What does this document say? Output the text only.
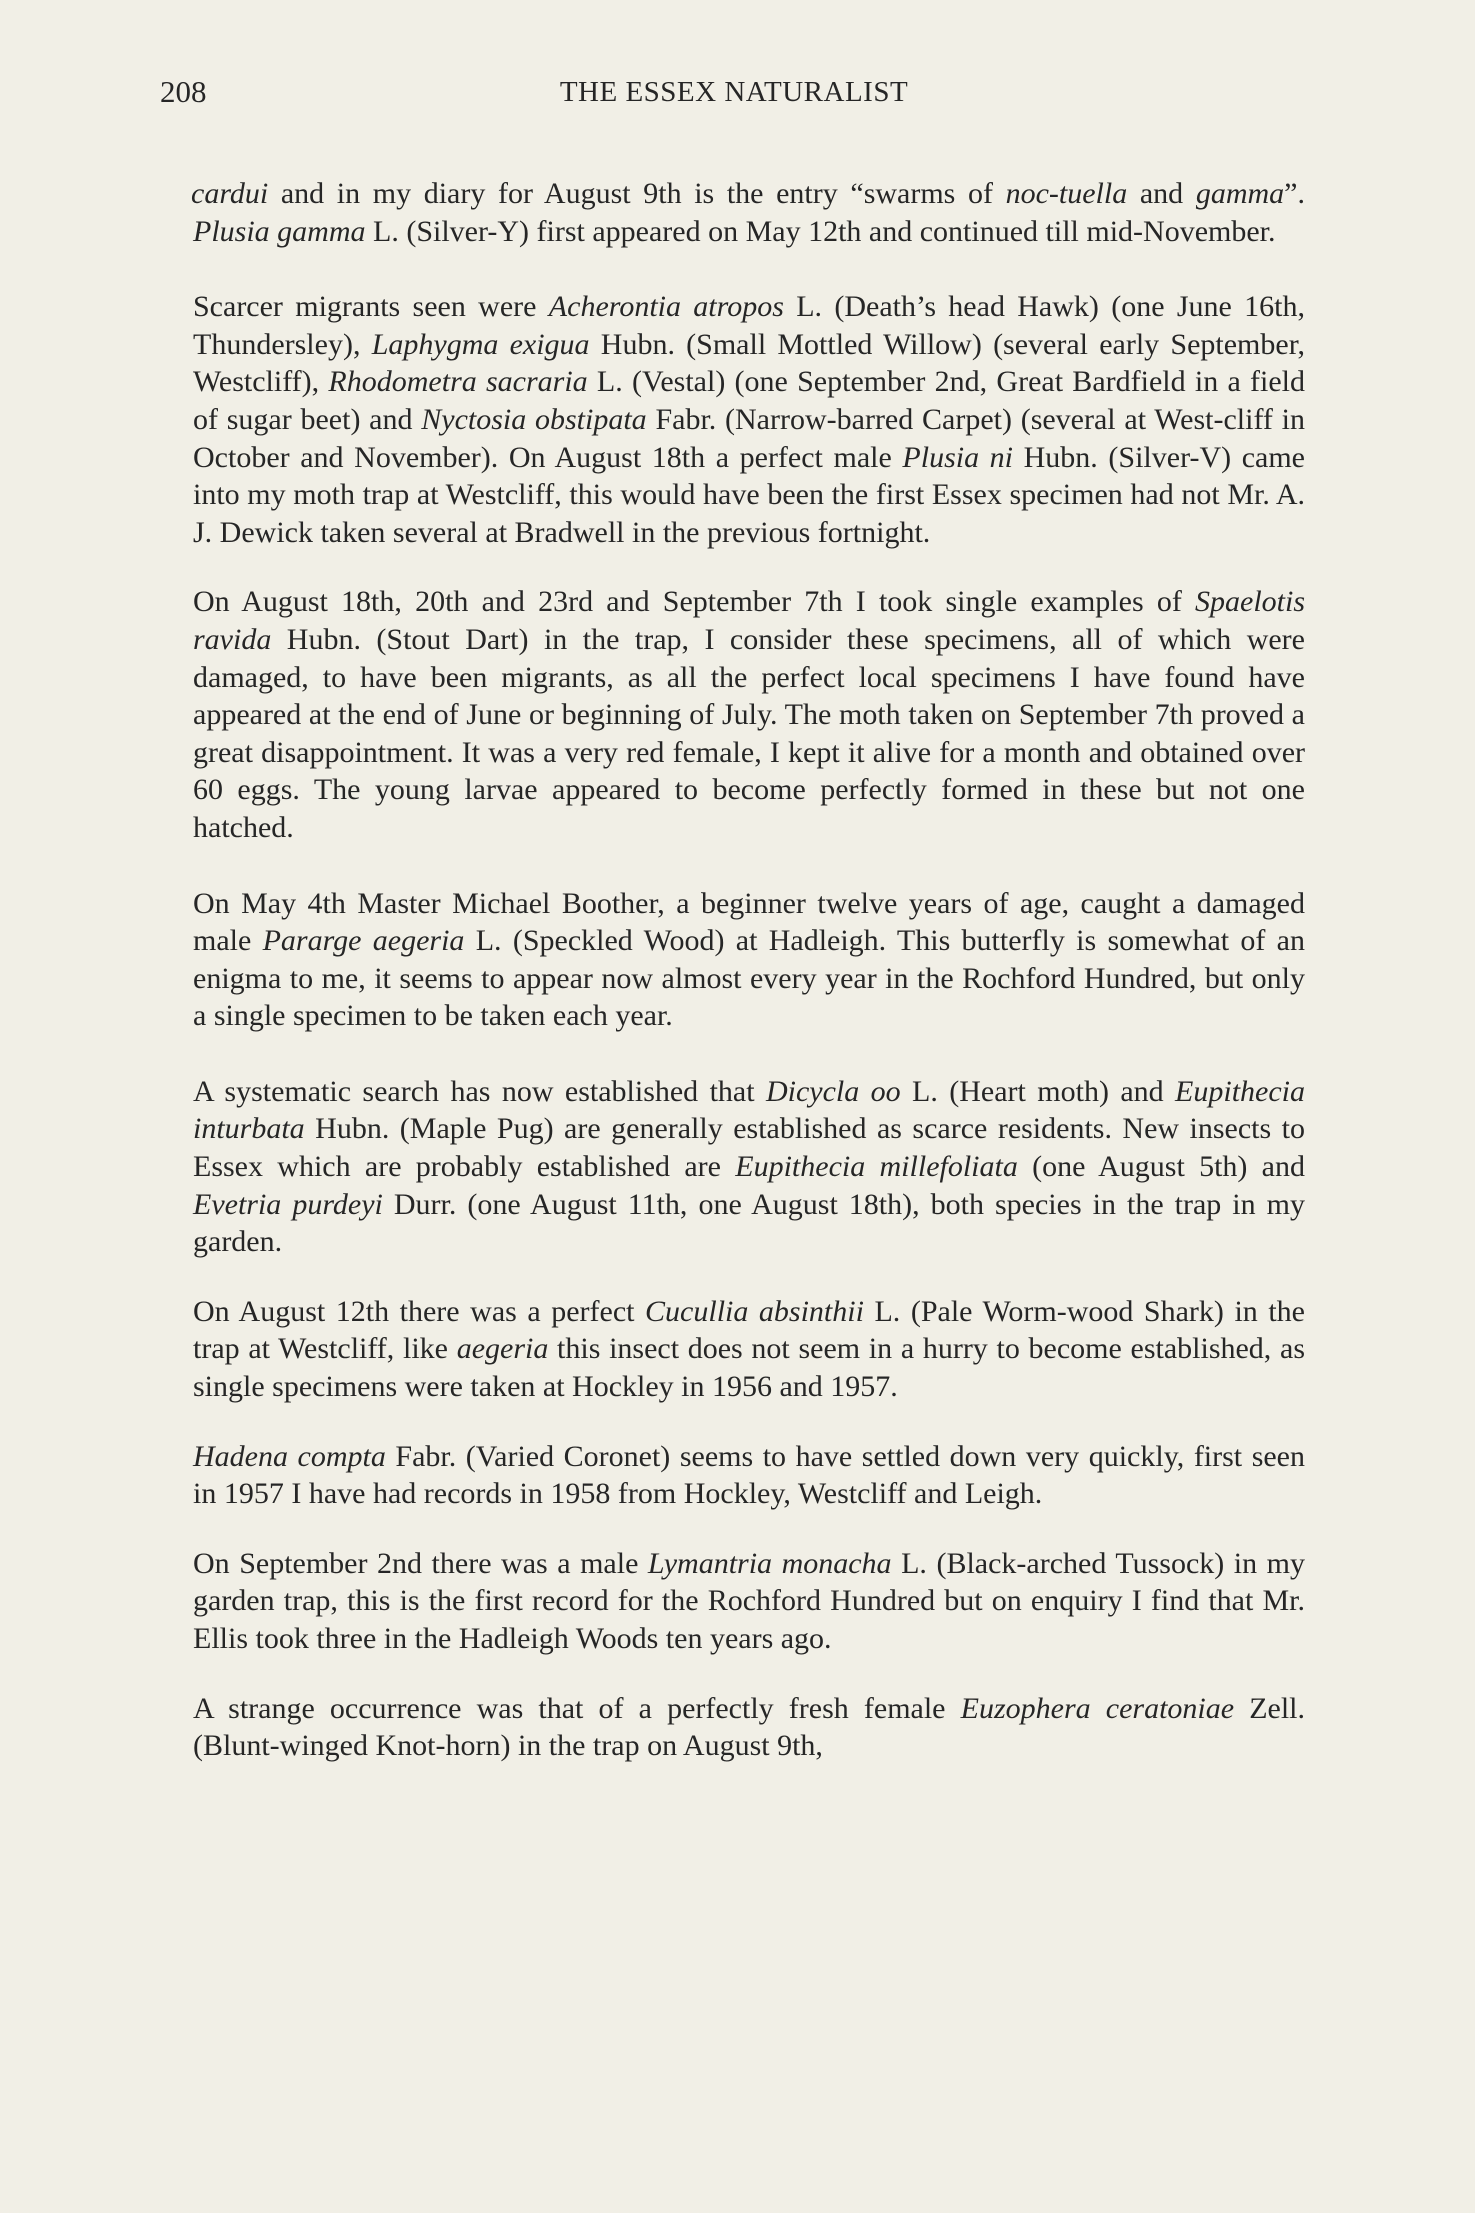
208	THE ESSEX NATURALIST

cardui and in my diary for August 9th is the entry “swarms of noc-tuella and gamma”. Plusia gamma L. (Silver-Y) first appeared on May 12th and continued till mid-November.

Scarcer migrants seen were Acherontia atropos L. (Death’s head Hawk) (one June 16th, Thundersley), Laphygma exigua Hubn. (Small Mottled Willow) (several early September, Westcliff), Rhodometra sacraria L. (Vestal) (one September 2nd, Great Bardfield in a field of sugar beet) and Nyctosia obstipata Fabr. (Narrow-barred Carpet) (several at West-cliff in October and November). On August 18th a perfect male Plusia ni Hubn. (Silver-V) came into my moth trap at Westcliff, this would have been the first Essex specimen had not Mr. A. J. Dewick taken several at Bradwell in the previous fortnight.

On August 18th, 20th and 23rd and September 7th I took single examples of Spaelotis ravida Hubn. (Stout Dart) in the trap, I consider these specimens, all of which were damaged, to have been migrants, as all the perfect local specimens I have found have appeared at the end of June or beginning of July. The moth taken on September 7th proved a great disappointment. It was a very red female, I kept it alive for a month and obtained over 60 eggs. The young larvae appeared to become perfectly formed in these but not one hatched.

On May 4th Master Michael Boother, a beginner twelve years of age, caught a damaged male Pararge aegeria L. (Speckled Wood) at Hadleigh. This butterfly is somewhat of an enigma to me, it seems to appear now almost every year in the Rochford Hundred, but only a single specimen to be taken each year.

A systematic search has now established that Dicycla oo L. (Heart moth) and Eupithecia inturbata Hubn. (Maple Pug) are generally established as scarce residents. New insects to Essex which are probably established are Eupithecia millefoliata (one August 5th) and Evetria purdeyi Durr. (one August 11th, one August 18th), both species in the trap in my garden.

On August 12th there was a perfect Cucullia absinthii L. (Pale Worm-wood Shark) in the trap at Westcliff, like aegeria this insect does not seem in a hurry to become established, as single specimens were taken at Hockley in 1956 and 1957.

Hadena compta Fabr. (Varied Coronet) seems to have settled down very quickly, first seen in 1957 I have had records in 1958 from Hockley, Westcliff and Leigh.

On September 2nd there was a male Lymantria monacha L. (Black-arched Tussock) in my garden trap, this is the first record for the Rochford Hundred but on enquiry I find that Mr. Ellis took three in the Hadleigh Woods ten years ago.

A strange occurrence was that of a perfectly fresh female Euzophera ceratoniae Zell. (Blunt-winged Knot-horn) in the trap on August 9th,
